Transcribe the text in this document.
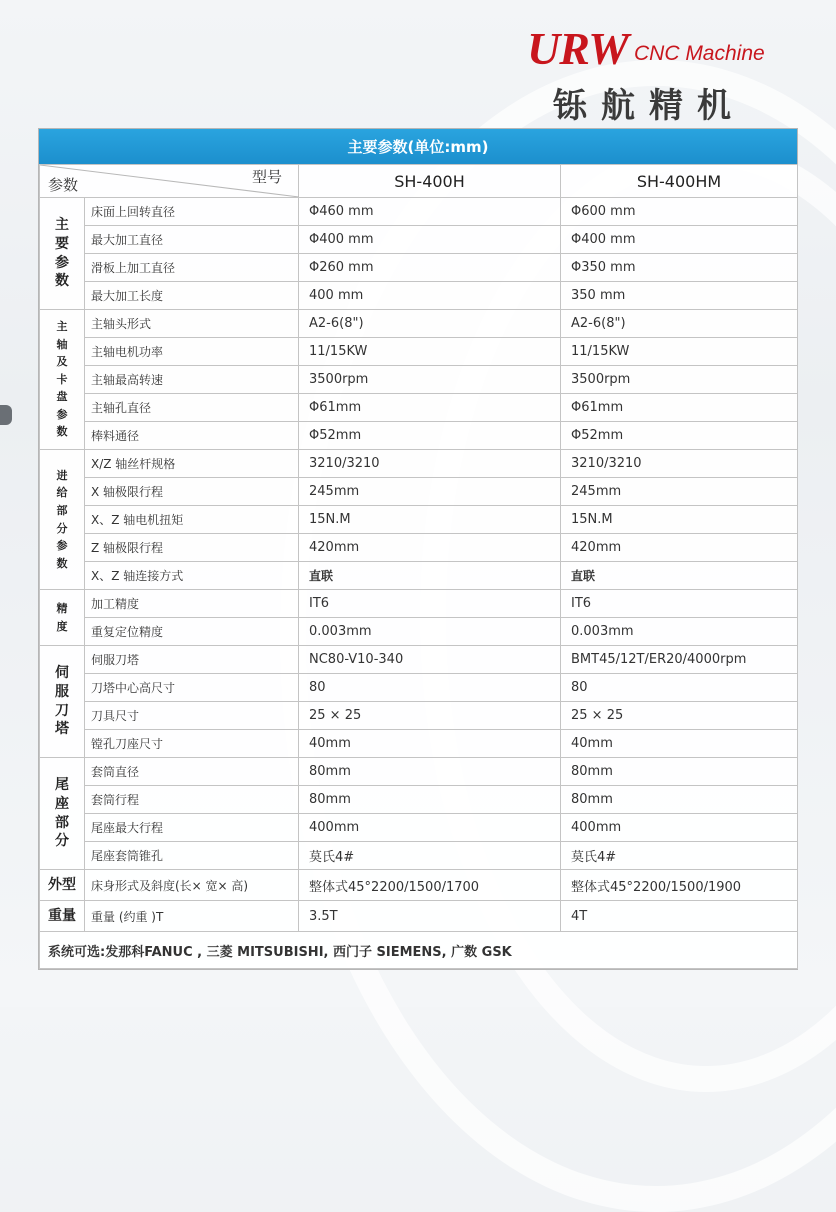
URW CNC Machine
铄航精机
主要参数(单位:mm)
型号
参数		SH-400H	SH-400HM
主要参数	床面上回转直径	Φ460 mm	Φ600 mm
	最大加工直径	Φ400 mm	Φ400 mm
	滑板上加工直径	Φ260 mm	Φ350 mm
	最大加工长度	400 mm	350 mm
主轴及卡盘参数	主轴头形式	A2-6(8")	A2-6(8")
	主轴电机功率	11/15KW	11/15KW
	主轴最高转速	3500rpm	3500rpm
	主轴孔直径	Φ61mm	Φ61mm
	棒料通径	Φ52mm	Φ52mm
进给部分参数	X/Z 轴丝杆规格	3210/3210	3210/3210
	X 轴极限行程	245mm	245mm
	X、Z 轴电机扭矩	15N.M	15N.M
	Z 轴极限行程	420mm	420mm
	X、Z 轴连接方式	直联	直联
精度	加工精度	IT6	IT6
	重复定位精度	0.003mm	0.003mm
伺服刀塔	伺服刀塔	NC80-V10-340	BMT45/12T/ER20/4000rpm
	刀塔中心高尺寸	80	80
	刀具尺寸	25 × 25	25 × 25
	镗孔刀座尺寸	40mm	40mm
尾座部分	套筒直径	80mm	80mm
	套筒行程	80mm	80mm
	尾座最大行程	400mm	400mm
	尾座套筒锥孔	莫氏4#	莫氏4#
外型	床身形式及斜度(长× 宽× 高)	整体式45°2200/1500/1700	整体式45°2200/1500/1900
重量	重量 (约重 )T	3.5T	4T
系统可选:发那科FANUC , 三菱 MITSUBISHI, 西门子 SIEMENS, 广数 GSK			
